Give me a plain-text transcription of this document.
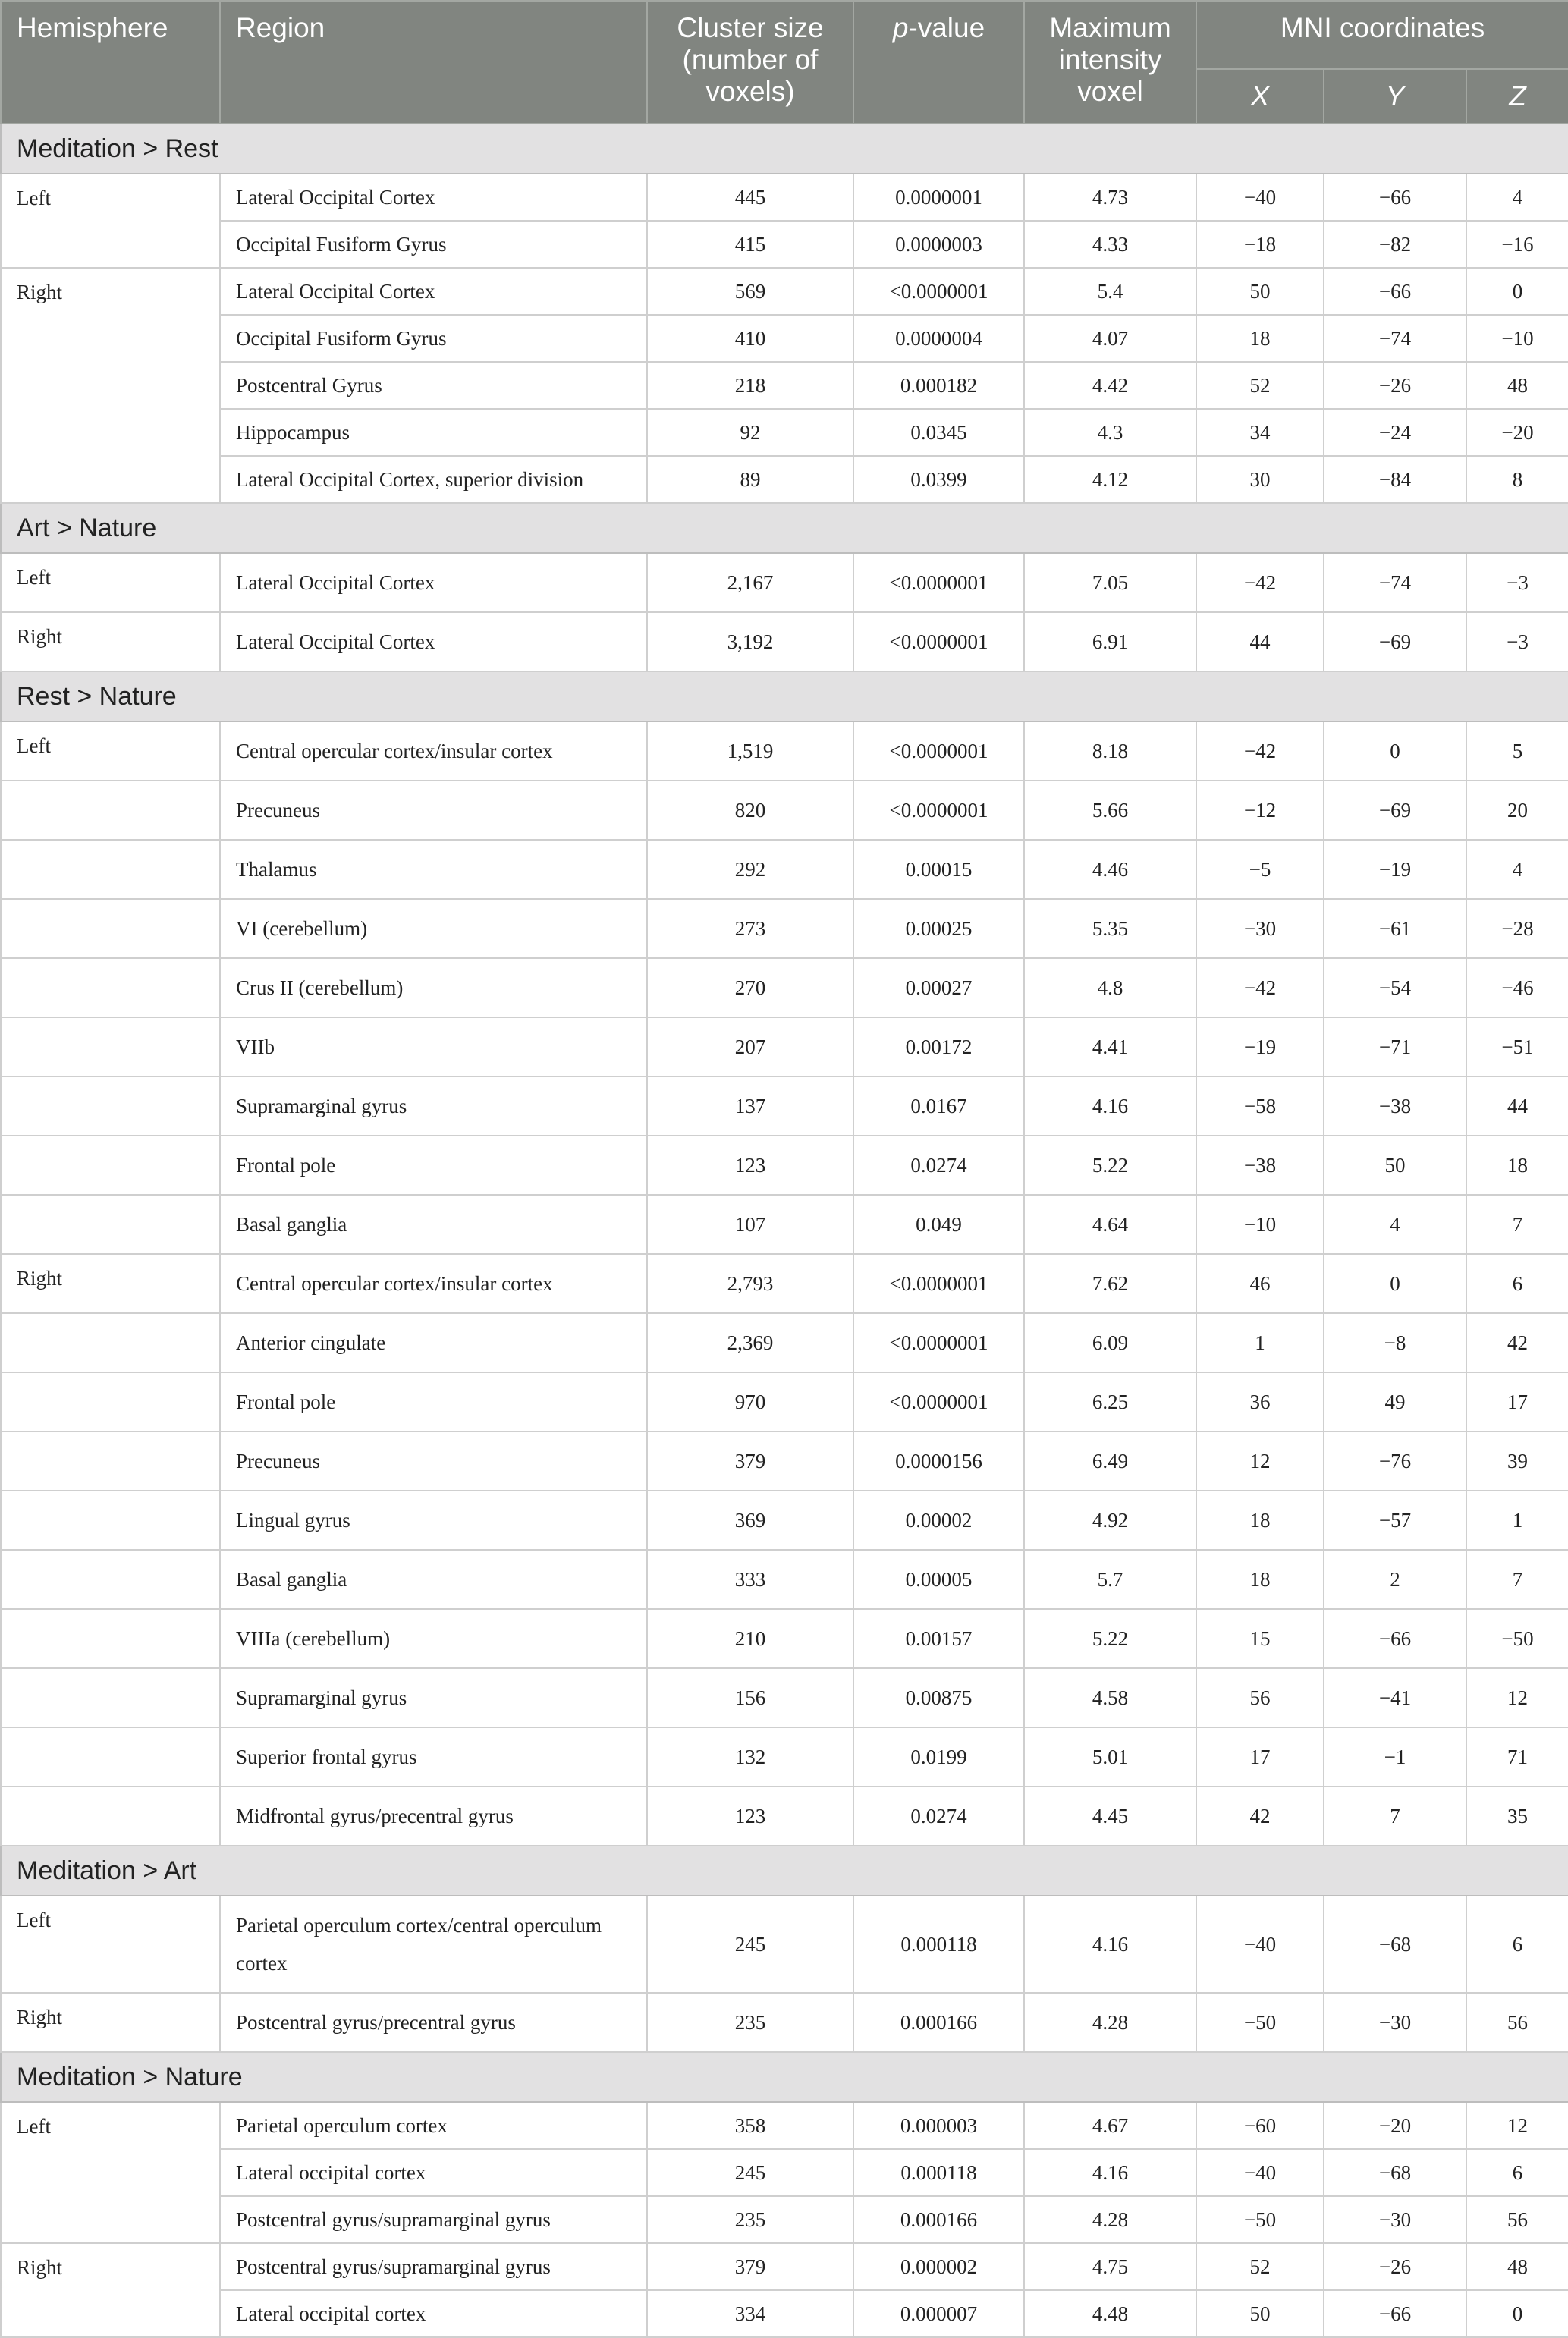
Hemisphere	Region	Cluster size (number of voxels)	p-value	Maximum intensity voxel	MNI coordinates		
					X	Y	Z
Meditation > Rest							
Left	Lateral Occipital Cortex	445	0.0000001	4.73	−40	−66	4
	Occipital Fusiform Gyrus	415	0.0000003	4.33	−18	−82	−16
Right	Lateral Occipital Cortex	569	<0.0000001	5.4	50	−66	0
	Occipital Fusiform Gyrus	410	0.0000004	4.07	18	−74	−10
	Postcentral Gyrus	218	0.000182	4.42	52	−26	48
	Hippocampus	92	0.0345	4.3	34	−24	−20
	Lateral Occipital Cortex, superior division	89	0.0399	4.12	30	−84	8
Art > Nature							
Left	Lateral Occipital Cortex	2,167	<0.0000001	7.05	−42	−74	−3
Right	Lateral Occipital Cortex	3,192	<0.0000001	6.91	44	−69	−3
Rest > Nature							
Left	Central opercular cortex/insular cortex	1,519	<0.0000001	8.18	−42	0	5
	Precuneus	820	<0.0000001	5.66	−12	−69	20
	Thalamus	292	0.00015	4.46	−5	−19	4
	VI (cerebellum)	273	0.00025	5.35	−30	−61	−28
	Crus II (cerebellum)	270	0.00027	4.8	−42	−54	−46
	VIIb	207	0.00172	4.41	−19	−71	−51
	Supramarginal gyrus	137	0.0167	4.16	−58	−38	44
	Frontal pole	123	0.0274	5.22	−38	50	18
	Basal ganglia	107	0.049	4.64	−10	4	7
Right	Central opercular cortex/insular cortex	2,793	<0.0000001	7.62	46	0	6
	Anterior cingulate	2,369	<0.0000001	6.09	1	−8	42
	Frontal pole	970	<0.0000001	6.25	36	49	17
	Precuneus	379	0.0000156	6.49	12	−76	39
	Lingual gyrus	369	0.00002	4.92	18	−57	1
	Basal ganglia	333	0.00005	5.7	18	2	7
	VIIIa (cerebellum)	210	0.00157	5.22	15	−66	−50
	Supramarginal gyrus	156	0.00875	4.58	56	−41	12
	Superior frontal gyrus	132	0.0199	5.01	17	−1	71
	Midfrontal gyrus/precentral gyrus	123	0.0274	4.45	42	7	35
Meditation > Art							
Left	Parietal operculum cortex/central operculum cortex	245	0.000118	4.16	−40	−68	6
Right	Postcentral gyrus/precentral gyrus	235	0.000166	4.28	−50	−30	56
Meditation > Nature							
Left	Parietal operculum cortex	358	0.000003	4.67	−60	−20	12
	Lateral occipital cortex	245	0.000118	4.16	−40	−68	6
	Postcentral gyrus/supramarginal gyrus	235	0.000166	4.28	−50	−30	56
Right	Postcentral gyrus/supramarginal gyrus	379	0.000002	4.75	52	−26	48
	Lateral occipital cortex	334	0.000007	4.48	50	−66	0
